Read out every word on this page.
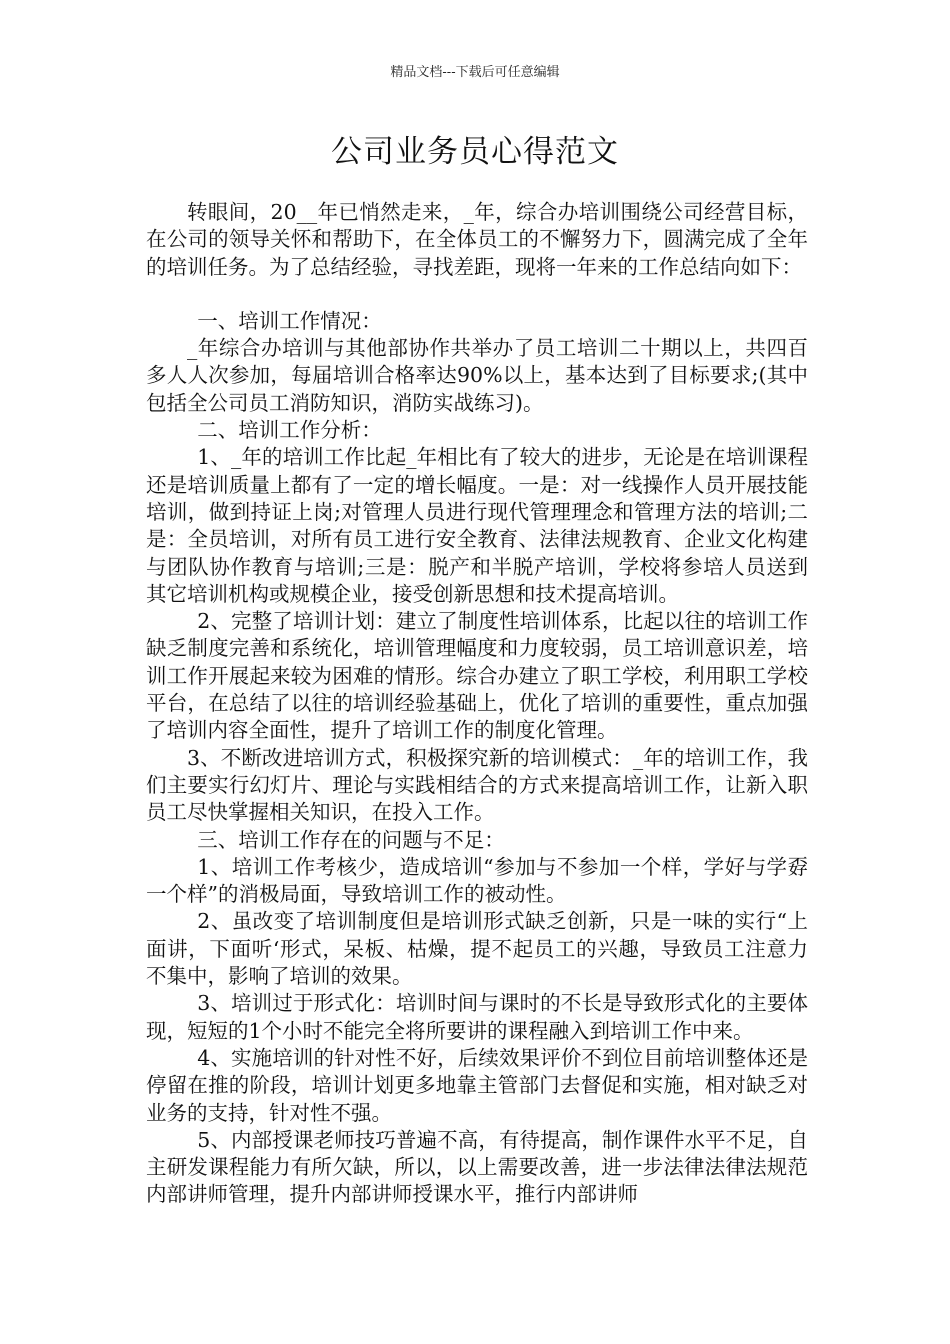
精品文档---下载后可任意编辑
公司业务员心得范文

转眼间，20__年已悄然走来，_年，综合办培训围绕公司经营目标，在公司的领导关怀和帮助下，在全体员工的不懈努力下，圆满完成了全年的培训任务。为了总结经验，寻找差距，现将一年来的工作总结向如下：

一、培训工作情况：

_年综合办培训与其他部协作共举办了员工培训二十期以上，共四百多人人次参加，每届培训合格率达90%以上，基本达到了目标要求;(其中包括全公司员工消防知识，消防实战练习)。

二、培训工作分析：

1、_年的培训工作比起_年相比有了较大的进步，无论是在培训课程还是培训质量上都有了一定的增长幅度。一是：对一线操作人员开展技能培训，做到持证上岗;对管理人员进行现代管理理念和管理方法的培训;二是：全员培训，对所有员工进行安全教育、法律法规教育、企业文化构建与团队协作教育与培训;三是：脱产和半脱产培训，学校将参培人员送到其它培训机构或规模企业，接受创新思想和技术提高培训。

2、完整了培训计划：建立了制度性培训体系，比起以往的培训工作缺乏制度完善和系统化，培训管理幅度和力度较弱，员工培训意识差，培训工作开展起来较为困难的情形。综合办建立了职工学校，利用职工学校平台，在总结了以往的培训经验基础上，优化了培训的重要性，重点加强了培训内容全面性，提升了培训工作的制度化管理。

3、不断改进培训方式，积极探究新的培训模式：_年的培训工作，我们主要实行幻灯片、理论与实践相结合的方式来提高培训工作，让新入职员工尽快掌握相关知识，在投入工作。

三、培训工作存在的问题与不足：

1、培训工作考核少，造成培训“参加与不参加一个样，学好与学孬一个样”的消极局面，导致培训工作的被动性。

2、虽改变了培训制度但是培训形式缺乏创新，只是一味的实行“上面讲，下面听‘形式，呆板、枯燥，提不起员工的兴趣，导致员工注意力不集中，影响了培训的效果。

3、培训过于形式化：培训时间与课时的不长是导致形式化的主要体现，短短的1个小时不能完全将所要讲的课程融入到培训工作中来。

4、实施培训的针对性不好，后续效果评价不到位目前培训整体还是停留在推的阶段，培训计划更多地靠主管部门去督促和实施，相对缺乏对业务的支持，针对性不强。

5、内部授课老师技巧普遍不高，有待提高，制作课件水平不足，自主研发课程能力有所欠缺，所以，以上需要改善，进一步法律法律法规范内部讲师管理，提升内部讲师授课水平，推行内部讲师
